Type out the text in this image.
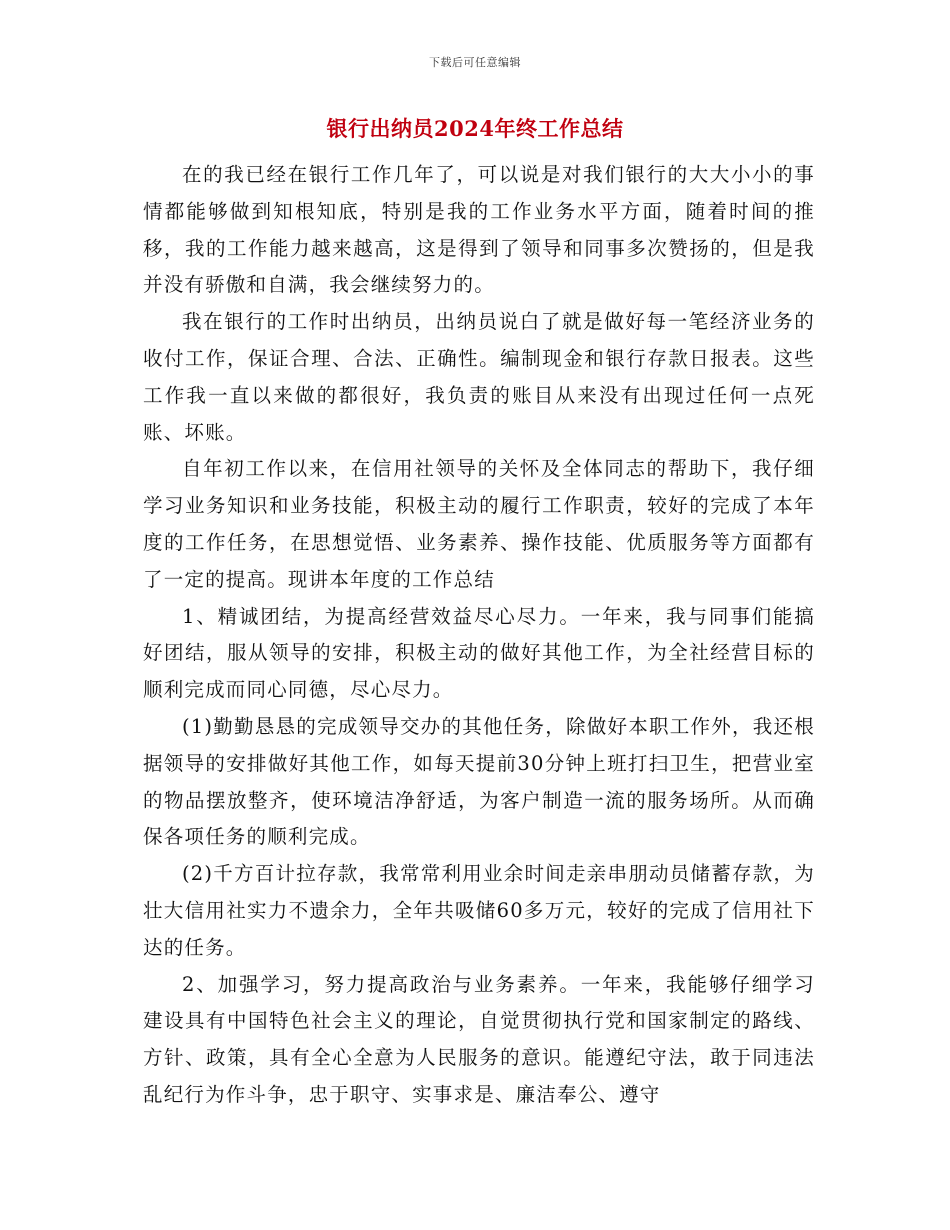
下载后可任意编辑
银行出纳员2024年终工作总结

在的我已经在银行工作几年了，可以说是对我们银行的大大小小的事情都能够做到知根知底，特别是我的工作业务水平方面，随着时间的推移，我的工作能力越来越高，这是得到了领导和同事多次赞扬的，但是我并没有骄傲和自满，我会继续努力的。

我在银行的工作时出纳员，出纳员说白了就是做好每一笔经济业务的收付工作，保证合理、合法、正确性。编制现金和银行存款日报表。这些工作我一直以来做的都很好，我负责的账目从来没有出现过任何一点死账、坏账。

自年初工作以来，在信用社领导的关怀及全体同志的帮助下，我仔细学习业务知识和业务技能，积极主动的履行工作职责，较好的完成了本年度的工作任务，在思想觉悟、业务素养、操作技能、优质服务等方面都有了一定的提高。现讲本年度的工作总结

1、精诚团结，为提高经营效益尽心尽力。一年来，我与同事们能搞好团结，服从领导的安排，积极主动的做好其他工作，为全社经营目标的顺利完成而同心同德，尽心尽力。

(1)勤勤恳恳的完成领导交办的其他任务，除做好本职工作外，我还根据领导的安排做好其他工作，如每天提前30分钟上班打扫卫生，把营业室的物品摆放整齐，使环境洁净舒适，为客户制造一流的服务场所。从而确保各项任务的顺利完成。

(2)千方百计拉存款，我常常利用业余时间走亲串朋动员储蓄存款，为壮大信用社实力不遗余力，全年共吸储60多万元，较好的完成了信用社下达的任务。

2、加强学习，努力提高政治与业务素养。一年来，我能够仔细学习建设具有中国特色社会主义的理论，自觉贯彻执行党和国家制定的路线、方针、政策，具有全心全意为人民服务的意识。能遵纪守法，敢于同违法乱纪行为作斗争，忠于职守、实事求是、廉洁奉公、遵守
